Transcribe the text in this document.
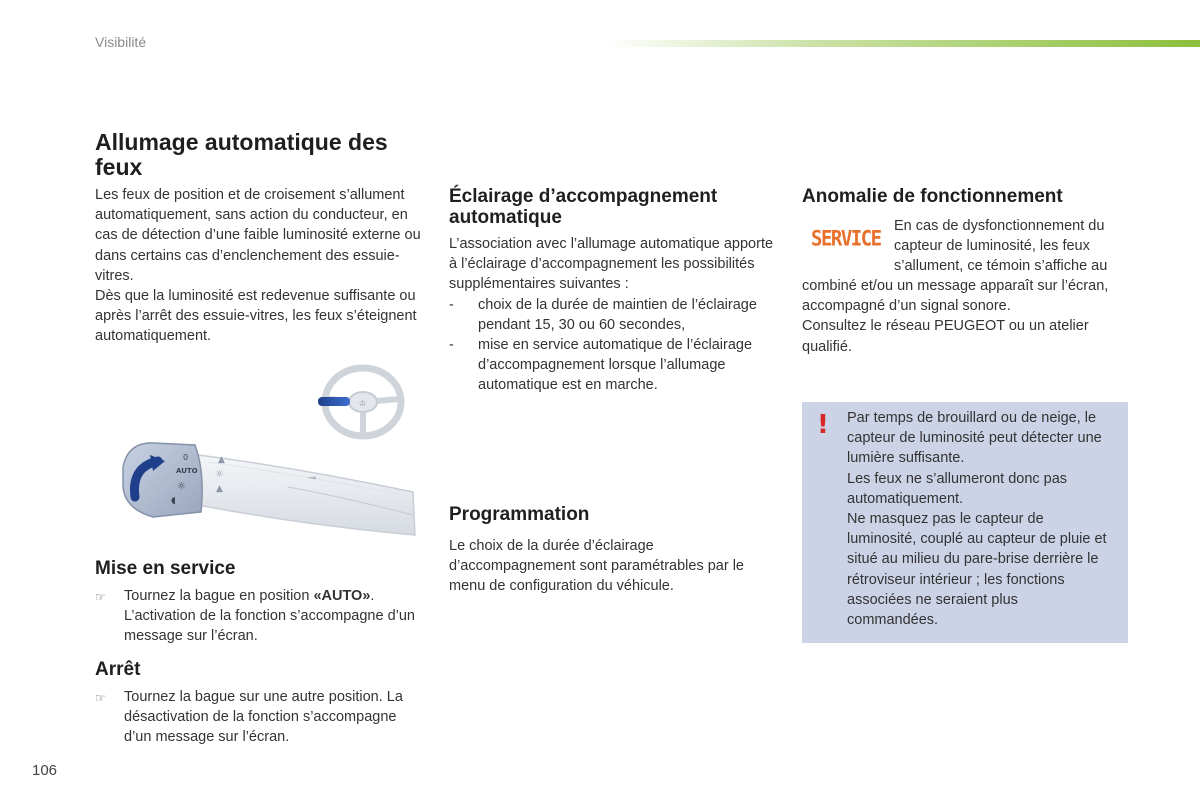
Visibilité
Allumage automatique des feux

Les feux de position et de croisement s’allument automatiquement, sans action du conducteur, en cas de détection d’une faible luminosité externe ou dans certains cas d’enclenchement des essuie-vitres.

Dès que la luminosité est redevenue suffisante ou après l’arrêt des essuie-vitres, les feux s’éteignent automatiquement.

♔
▲
☼
▲
⊸
0
AUTO
☼
◖
Mise en service
☞ Tournez la bague en position «AUTO». L’activation de la fonction s’accompagne d’un message sur l’écran.
Arrêt
☞ Tournez la bague sur une autre position. La désactivation de la fonction s’accompagne d’un message sur l’écran.
Éclairage d’accompagnement automatique

L’association avec l’allumage automatique apporte à l’éclairage d’accompagnement les possibilités supplémentaires suivantes :

- choix de la durée de maintien de l’éclairage pendant 15, 30 ou 60 secondes,
- mise en service automatique de l’éclairage d’accompagnement lorsque l’allumage automatique est en marche.
Programmation
Le choix de la durée d’éclairage d’accompagnement sont paramétrables par le menu de configuration du véhicule.
Anomalie de fonctionnement
SERVICE
En cas de dysfonctionnement du capteur de luminosité, les feux s’allument, ce témoin s’affiche au

combiné et/ou un message apparaît sur l’écran, accompagné d’un signal sonore.

Consultez le réseau PEUGEOT ou un atelier qualifié.

! Par temps de brouillard ou de neige, le capteur de luminosité peut détecter une lumière suffisante.

Les feux ne s’allumeront donc pas automatiquement.

Ne masquez pas le capteur de luminosité, couplé au capteur de pluie et situé au milieu du pare-brise derrière le rétroviseur intérieur ; les fonctions associées ne seraient plus commandées.

106
